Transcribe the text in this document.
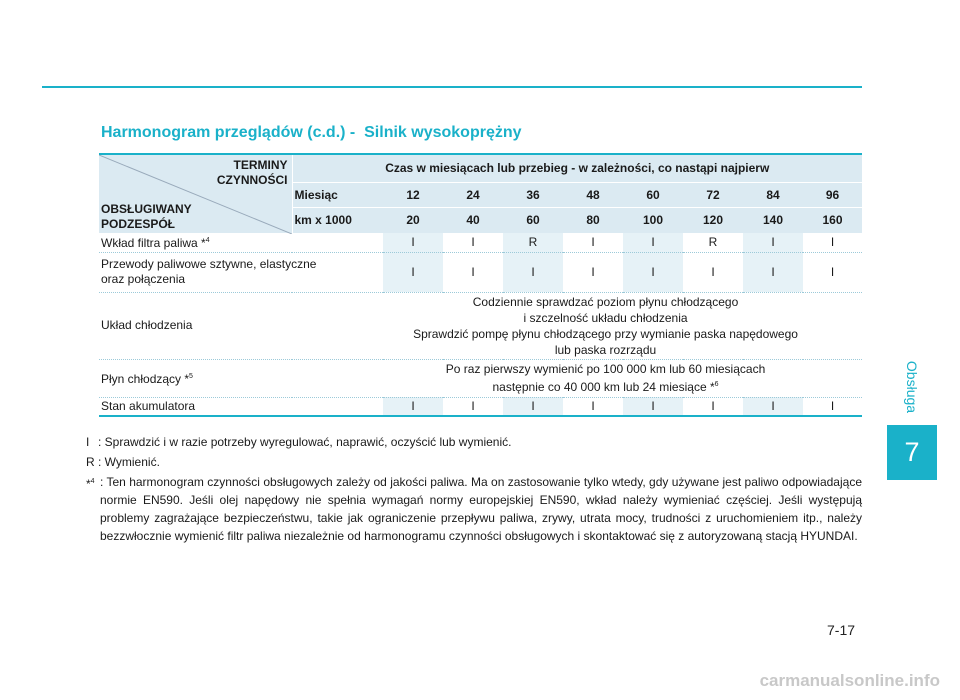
Harmonogram przeglądów (c.d.) -  Silnik wysokoprężny
TERMINY
CZYNNOŚCI
OBSŁUGIWANY
PODZESPÓŁ	Czas w miesiącach lub przebieg - w zależności, co nastąpi najpierw
Miesiąc	12	24	36	48	60	72	84	96
km x 1000	20	40	60	80	100	120	140	160
Wkład filtra paliwa *$^4$	I	I	R	I	I	R	I	I

Przewody paliwowe sztywne, elastyczne
oraz połączenia	I	I	I	I	I	I	I	I
Układ chłodzenia	Codziennie sprawdzać poziom płynu chłodzącego
i szczelność układu chłodzenia
Sprawdzić pompę płynu chłodzącego przy wymianie paska napędowego
lub paska rozrządu

Płyn chłodzący *$^5$	Po raz pierwszy wymienić po 100 000 km lub 60 miesiącach
następnie co 40 000 km lub 24 miesiące *$^6$

Stan akumulatora	I	I	I	I	I	I	I	I
I : Sprawdzić i w razie potrzeby wyregulować, naprawić, oczyścić lub wymienić.
R : Wymienić.
*$^4$ : Ten harmonogram czynności obsługowych zależy od jakości paliwa. Ma on zastosowanie tylko wtedy, gdy używane jest paliwo odpowiadające normie EN590. Jeśli olej napędowy nie spełnia wymagań normy europejskiej EN590, wkład należy wymieniać częściej. Jeśli występują problemy zagrażające bezpieczeństwu, takie jak ograniczenie przepływu paliwa, zrywy, utrata mocy, trudności z uruchomieniem itp., należy bezzwłocznie wymienić filtr paliwa niezależnie od harmonogramu czynności obsługowych i skontaktować się z autoryzowaną stacją HYUNDAI.
Obsługa
7
7-17
carmanualsonline.info
